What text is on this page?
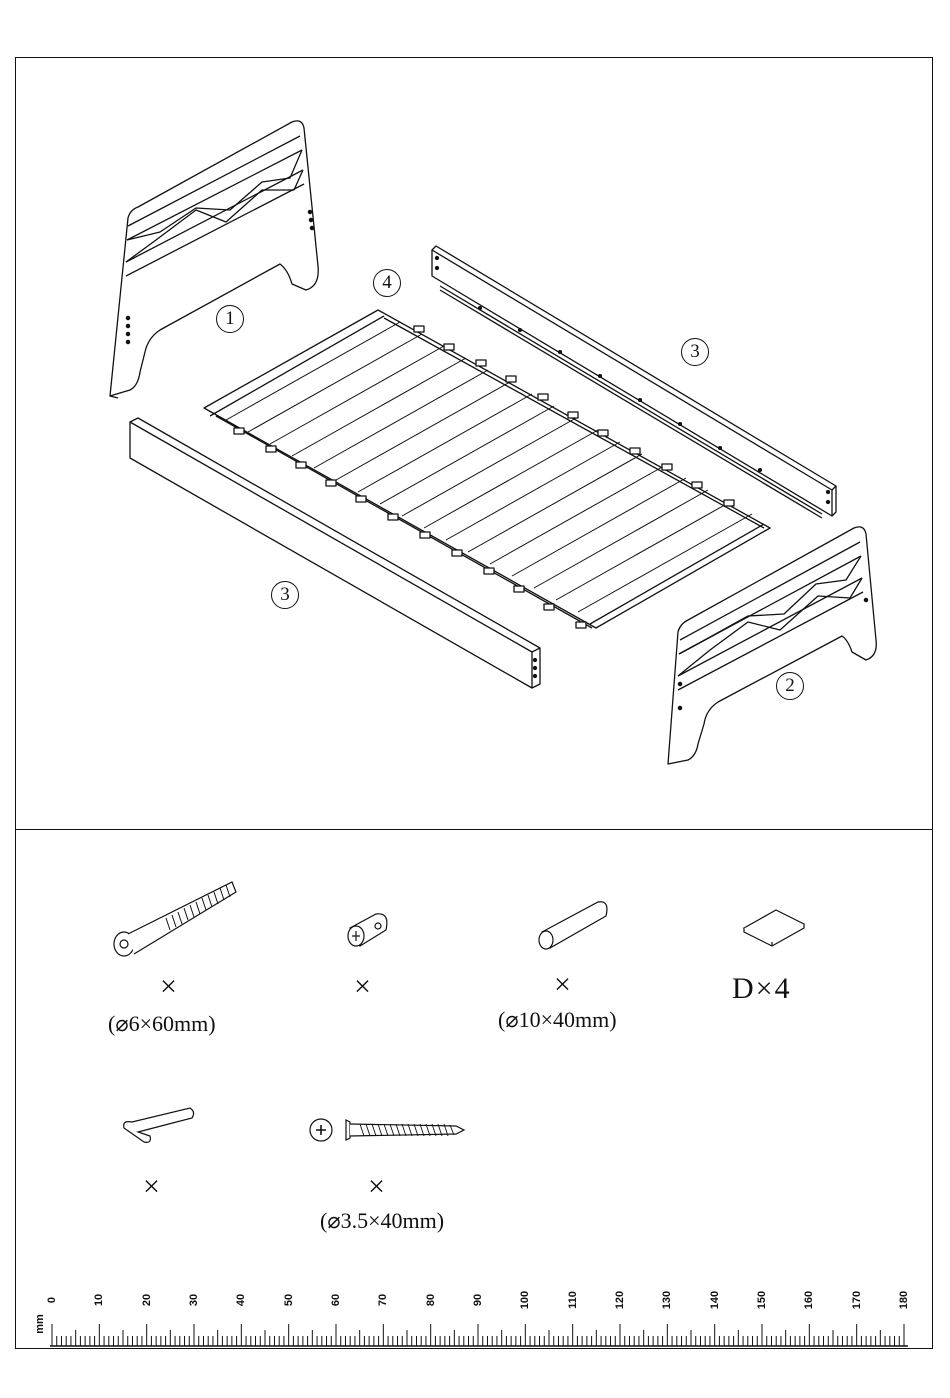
1
2
3
3
4
×
(⌀6×60mm)
×	×
(⌀10×40mm)
D×4
×	×
(⌀3.5×40mm)
mm
0	10	20	30	40	50	60	70	80	90	100	110	120	130	140	150	160	170	180
